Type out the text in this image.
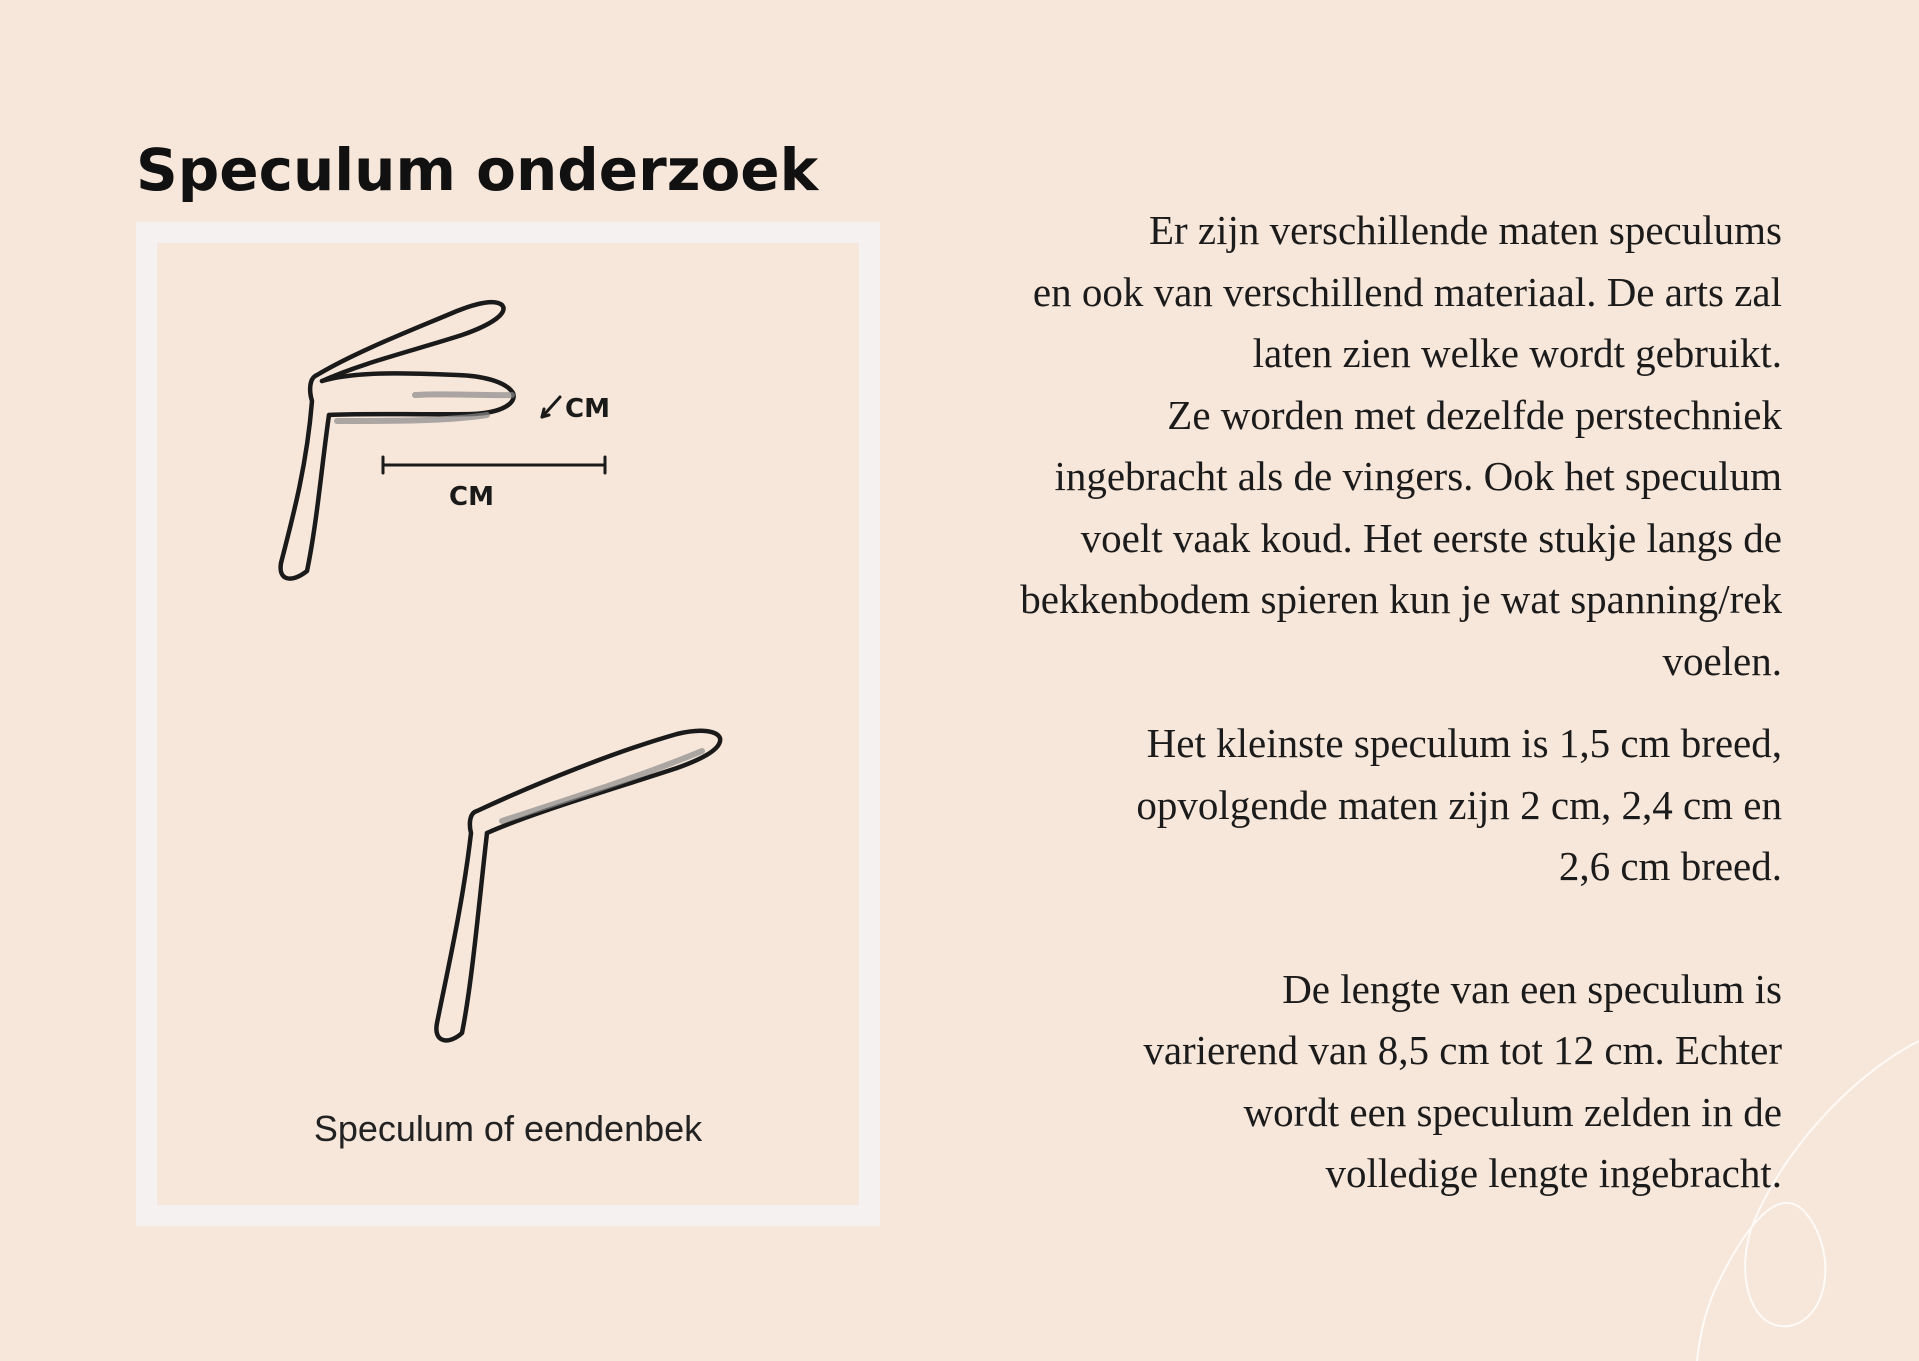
Speculum onderzoek
CM
CM
Speculum of eendenbek

Er zijn verschillende maten speculums
en ook van verschillend materiaal. De arts zal
laten zien welke wordt gebruikt.
Ze worden met dezelfde perstechniek
ingebracht als de vingers. Ook het speculum
voelt vaak koud. Het eerste stukje langs de
bekkenbodem spieren kun je wat spanning/rek
voelen.

Het kleinste speculum is 1,5 cm breed,
opvolgende maten zijn 2 cm, 2,4 cm en
2,6 cm breed.

De lengte van een speculum is
varierend van 8,5 cm tot 12 cm. Echter
wordt een speculum zelden in de
volledige lengte ingebracht.
